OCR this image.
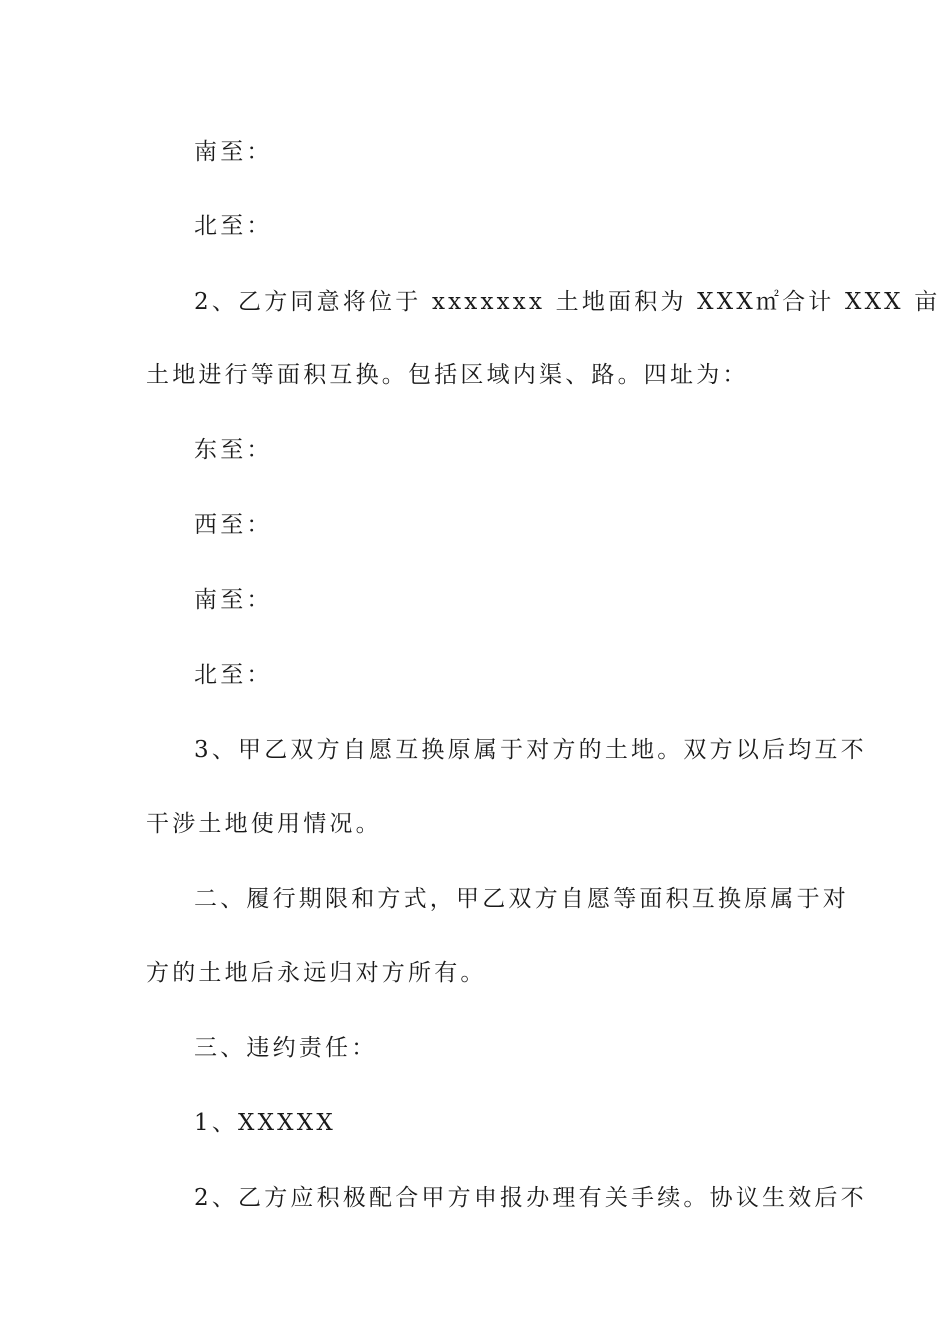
南至：
北至：
2、乙方同意将位于 xxxxxxx 土地面积为 XXX㎡合计 XXX 亩
土地进行等面积互换。包括区域内渠、路。四址为：
东至：
西至：
南至：
北至：
3、甲乙双方自愿互换原属于对方的土地。双方以后均互不
干涉土地使用情况。
二、履行期限和方式，甲乙双方自愿等面积互换原属于对
方的土地后永远归对方所有。
三、违约责任：
1、XXXXX
2、乙方应积极配合甲方申报办理有关手续。协议生效后不
